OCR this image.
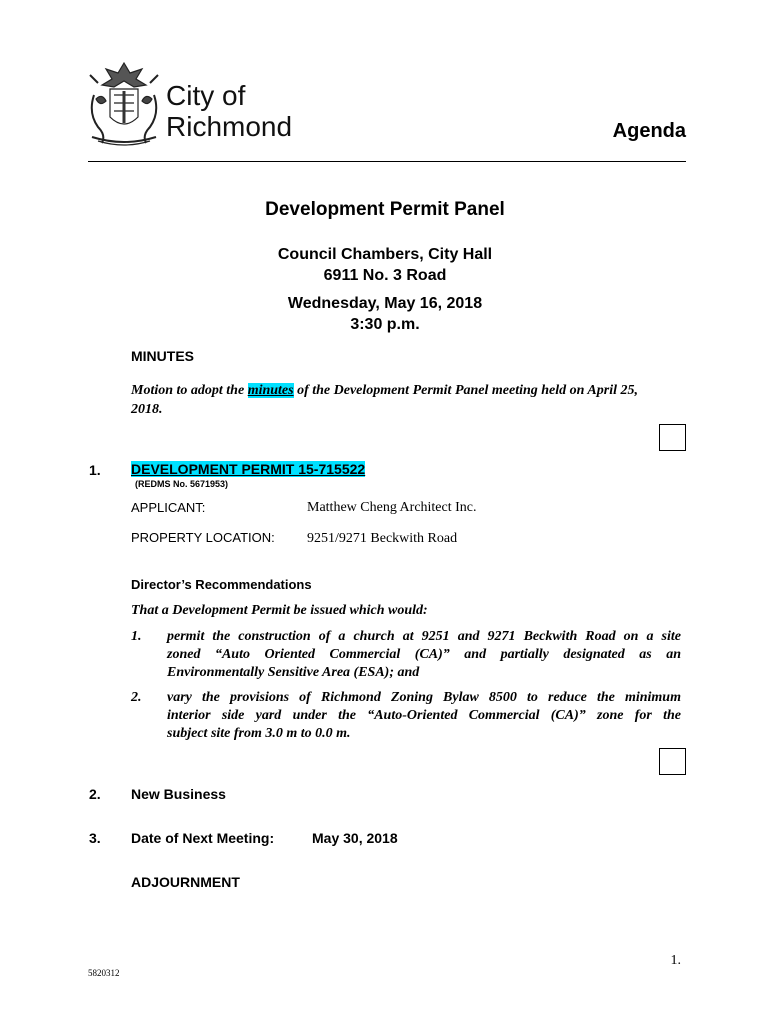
City of
Richmond	Agenda
Development Permit Panel
Council Chambers, City Hall
6911 No. 3 Road
Wednesday, May 16, 2018
3:30 p.m.
MINUTES
Motion to adopt the minutes of the Development Permit Panel meeting held on April 25,
2018.
1. DEVELOPMENT PERMIT 15-715522
(REDMS No. 5671953)
APPLICANT:	Matthew Cheng Architect Inc.
PROPERTY LOCATION: 9251/9271 Beckwith Road
Director’s Recommendations
That a Development Permit be issued which would:
1. permit the construction of a church at 9251 and 9271 Beckwith Road on a site
zoned “Auto Oriented Commercial (CA)” and partially designated as an
Environmentally Sensitive Area (ESA); and
2. vary the provisions of Richmond Zoning Bylaw 8500 to reduce the minimum
interior side yard under the “Auto-Oriented Commercial (CA)” zone for the
subject site from 3.0 m to 0.0 m.
2. New Business
3. Date of Next Meeting:	May 30, 2018
ADJOURNMENT
1.
5820312
